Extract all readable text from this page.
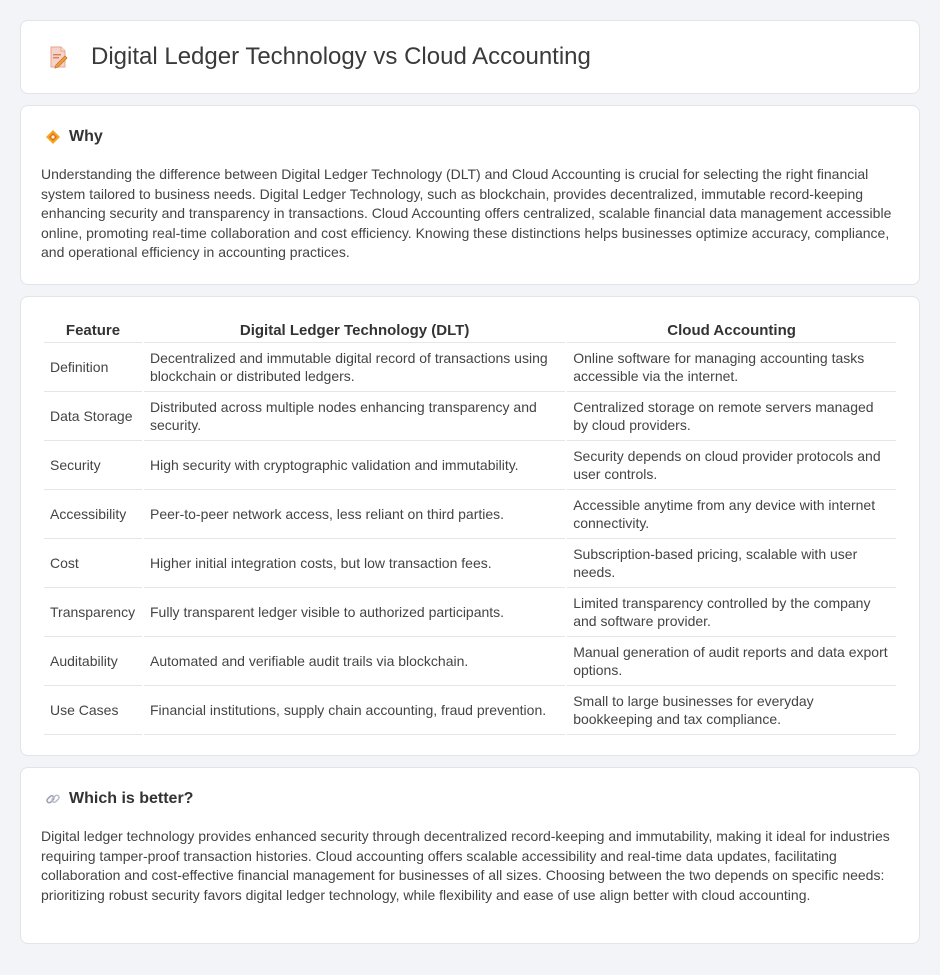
Digital Ledger Technology vs Cloud Accounting
Why

Understanding the difference between Digital Ledger Technology (DLT) and Cloud Accounting is crucial for selecting the right financial system tailored to business needs. Digital Ledger Technology, such as blockchain, provides decentralized, immutable record-keeping enhancing security and transparency in transactions. Cloud Accounting offers centralized, scalable financial data management accessible online, promoting real-time collaboration and cost efficiency. Knowing these distinctions helps businesses optimize accuracy, compliance, and operational efficiency in accounting practices.

Feature	Digital Ledger Technology (DLT)	Cloud Accounting
Definition	Decentralized and immutable digital record of transactions using blockchain or distributed ledgers.	Online software for managing accounting tasks accessible via the internet.
Data Storage	Distributed across multiple nodes enhancing transparency and security.	Centralized storage on remote servers managed by cloud providers.
Security	High security with cryptographic validation and immutability.	Security depends on cloud provider protocols and user controls.
Accessibility	Peer-to-peer network access, less reliant on third parties.	Accessible anytime from any device with internet connectivity.
Cost	Higher initial integration costs, but low transaction fees.	Subscription-based pricing, scalable with user needs.
Transparency	Fully transparent ledger visible to authorized participants.	Limited transparency controlled by the company and software provider.
Auditability	Automated and verifiable audit trails via blockchain.	Manual generation of audit reports and data export options.
Use Cases	Financial institutions, supply chain accounting, fraud prevention.	Small to large businesses for everyday bookkeeping and tax compliance.
Which is better?

Digital ledger technology provides enhanced security through decentralized record-keeping and immutability, making it ideal for industries requiring tamper-proof transaction histories. Cloud accounting offers scalable accessibility and real-time data updates, facilitating collaboration and cost-effective financial management for businesses of all sizes. Choosing between the two depends on specific needs: prioritizing robust security favors digital ledger technology, while flexibility and ease of use align better with cloud accounting.
